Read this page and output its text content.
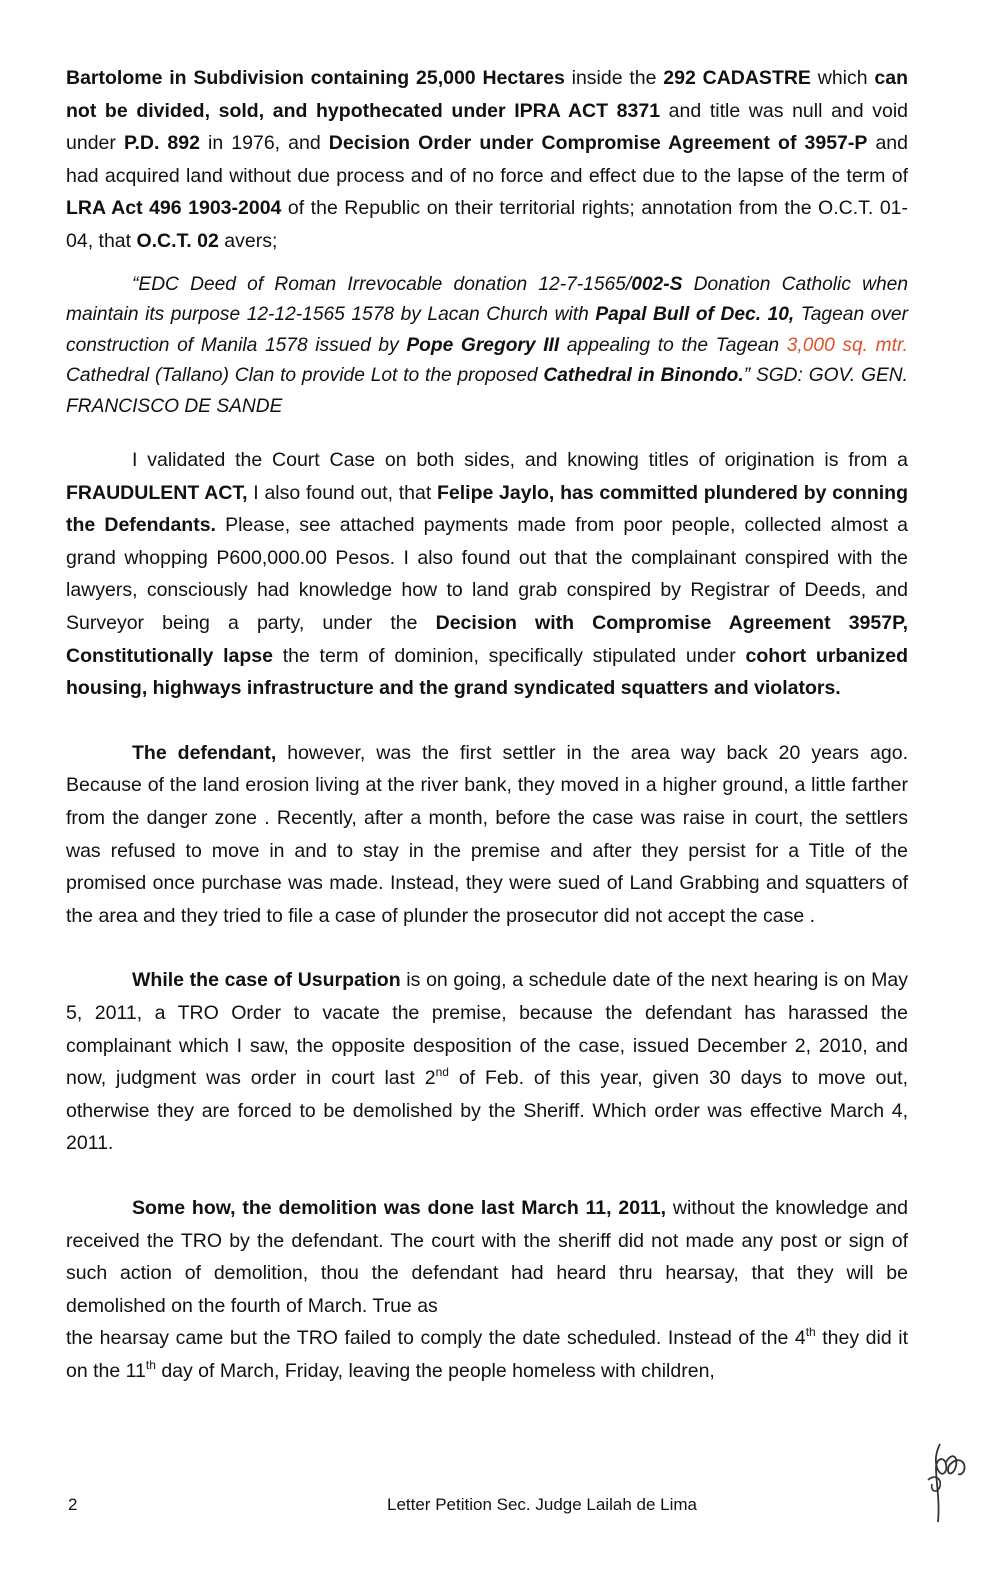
Bartolome in Subdivision containing 25,000 Hectares inside the 292 CADASTRE which can not be divided, sold, and hypothecated under IPRA ACT 8371 and title was null and void under P.D. 892 in 1976, and Decision Order under Compromise Agreement of 3957-P and had acquired land without due process and of no force and effect due to the lapse of the term of LRA Act 496 1903-2004 of the Republic on their territorial rights; annotation from the O.C.T. 01-04, that O.C.T. 02 avers;

“EDC Deed of Roman Irrevocable donation 12-7-1565/002-S Donation Catholic when maintain its purpose 12-12-1565 1578 by Lacan Church with Papal Bull of Dec. 10, Tagean over construction of Manila 1578 issued by Pope Gregory III appealing to the Tagean 3,000 sq. mtr. Cathedral (Tallano) Clan to provide Lot to the proposed Cathedral in Binondo.” SGD: GOV. GEN. FRANCISCO DE SANDE

I validated the Court Case on both sides, and knowing titles of origination is from a FRAUDULENT ACT, I also found out, that Felipe Jaylo, has committed plundered by conning the Defendants. Please, see attached payments made from poor people, collected almost a grand whopping P600,000.00 Pesos. I also found out that the complainant conspired with the lawyers, consciously had knowledge how to land grab conspired by Registrar of Deeds, and Surveyor being a party, under the Decision with Compromise Agreement 3957P, Constitutionally lapse the term of dominion, specifically stipulated under cohort urbanized housing, highways infrastructure and the grand syndicated squatters and violators.

The defendant, however, was the first settler in the area way back 20 years ago. Because of the land erosion living at the river bank, they moved in a higher ground, a little farther from the danger zone . Recently, after a month, before the case was raise in court, the settlers was refused to move in and to stay in the premise and after they persist for a Title of the promised once purchase was made. Instead, they were sued of Land Grabbing and squatters of the area and they tried to file a case of plunder the prosecutor did not accept the case .

While the case of Usurpation is on going, a schedule date of the next hearing is on May 5, 2011, a TRO Order to vacate the premise, because the defendant has harassed the complainant which I saw, the opposite desposition of the case, issued December 2, 2010, and now, judgment was order in court last 2nd of Feb. of this year, given 30 days to move out, otherwise they are forced to be demolished by the Sheriff. Which order was effective March 4, 2011.

Some how, the demolition was done last March 11, 2011, without the knowledge and received the TRO by the defendant. The court with the sheriff did not made any post or sign of such action of demolition, thou the defendant had heard thru hearsay, that they will be demolished on the fourth of March. True as

the hearsay came but the TRO failed to comply the date scheduled. Instead of the 4th they did it on the 11th day of March, Friday, leaving the people homeless with children,

2	Letter Petition Sec. Judge Lailah de Lima
